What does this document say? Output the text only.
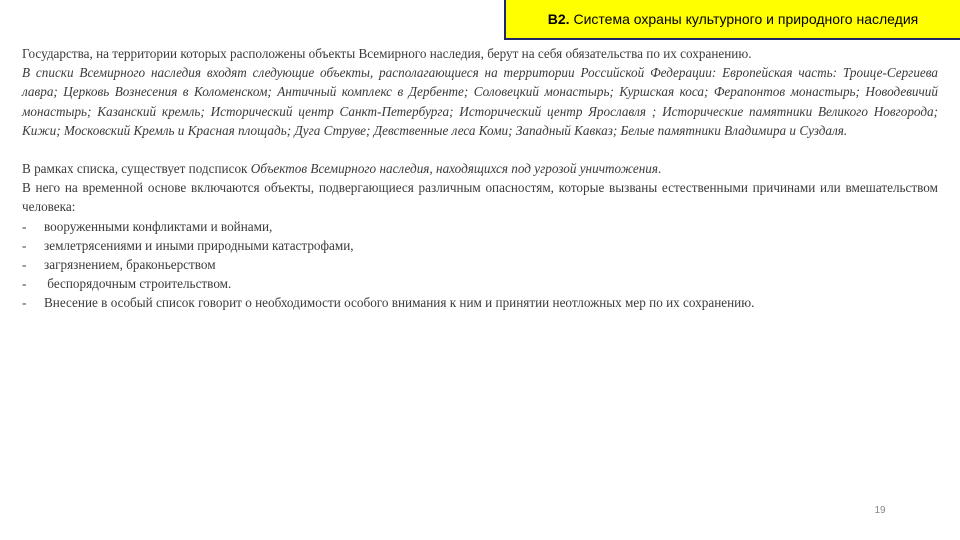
В2. Система охраны культурного и природного наследия

Государства, на территории которых расположены объекты Всемирного наследия, берут на себя обязательства по их сохранению.

В списки Всемирного наследия входят следующие объекты, располагающиеся на территории Российской Федерации: Европейская часть: Троице-Сергиева лавра; Церковь Вознесения в Коломенском; Античный комплекс в Дербенте; Соловецкий монастырь; Куршская коса; Ферапонтов монастырь; Новодевичий монастырь; Казанский кремль; Исторический центр Санкт-Петербурга; Исторический центр Ярославля ; Исторические памятники Великого Новгорода; Кижи; Московский Кремль и Красная площадь; Дуга Струве; Девственные леса Коми; Западный Кавказ; Белые памятники Владимира и Суздаля.

В рамках списка, существует подсписок Объектов Всемирного наследия, находящихся под угрозой уничтожения.

В него на временной основе включаются объекты, подвергающиеся различным опасностям, которые вызваны естественными причинами или вмешательством человека:

-	вооруженными конфликтами и войнами,
-	землетрясениями и иными природными катастрофами,
-	загрязнением, браконьерством
-	беспорядочным строительством.
-	Внесение в особый список говорит о необходимости особого внимания к ним и принятии неотложных мер по их сохранению.
19
